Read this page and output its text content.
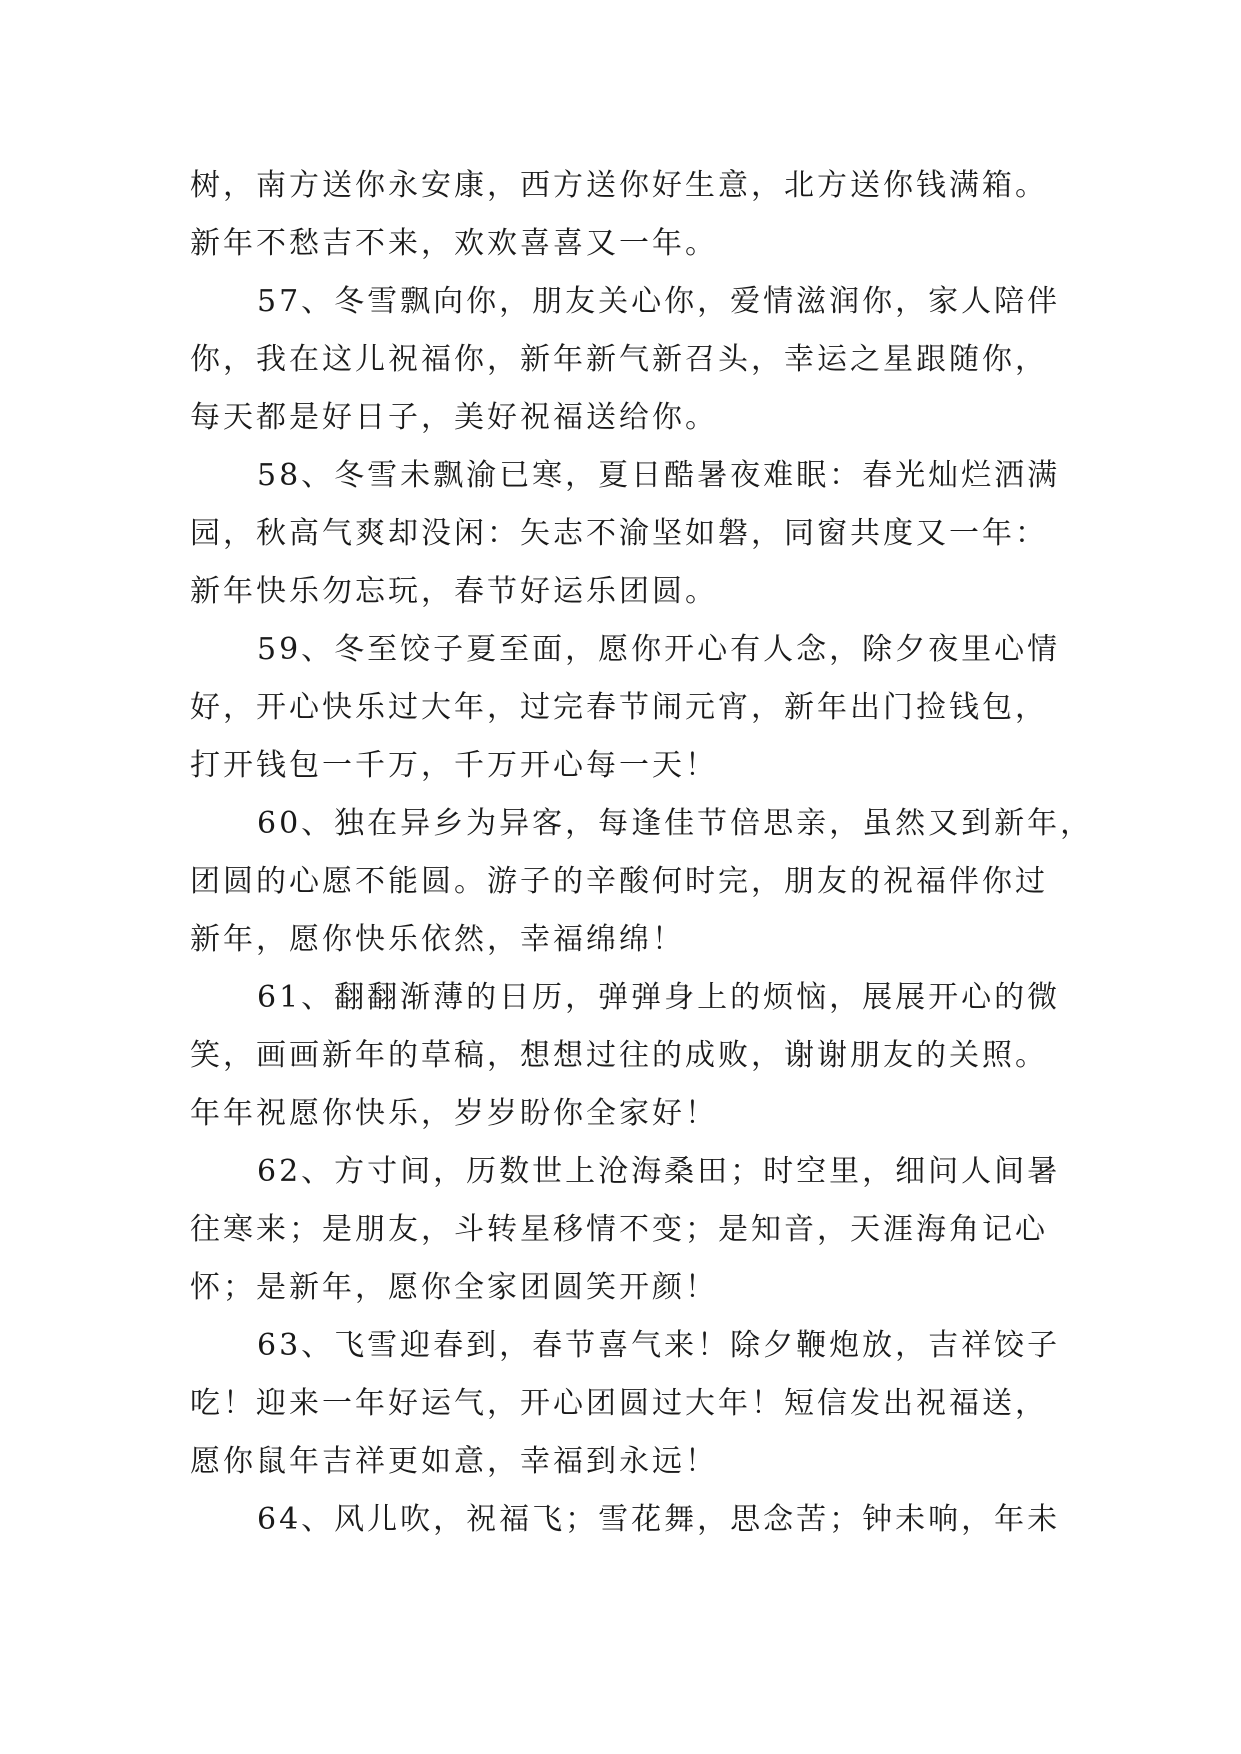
树，南方送你永安康，西方送你好生意，北方送你钱满箱。
新年不愁吉不来，欢欢喜喜又一年。
57、冬雪飘向你，朋友关心你，爱情滋润你，家人陪伴
你，我在这儿祝福你，新年新气新召头，幸运之星跟随你，
每天都是好日子，美好祝福送给你。
58、冬雪未飘渝已寒，夏日酷暑夜难眠：春光灿烂洒满
园，秋高气爽却没闲：矢志不渝坚如磐，同窗共度又一年：
新年快乐勿忘玩，春节好运乐团圆。
59、冬至饺子夏至面，愿你开心有人念，除夕夜里心情
好，开心快乐过大年，过完春节闹元宵，新年出门捡钱包，
打开钱包一千万，千万开心每一天！
60、独在异乡为异客，每逢佳节倍思亲，虽然又到新年，
团圆的心愿不能圆。游子的辛酸何时完，朋友的祝福伴你过
新年，愿你快乐依然，幸福绵绵！
61、翻翻渐薄的日历，弹弹身上的烦恼，展展开心的微
笑，画画新年的草稿，想想过往的成败，谢谢朋友的关照。
年年祝愿你快乐，岁岁盼你全家好！
62、方寸间，历数世上沧海桑田；时空里，细问人间暑
往寒来；是朋友，斗转星移情不变；是知音，天涯海角记心
怀；是新年，愿你全家团圆笑开颜！
63、飞雪迎春到，春节喜气来！除夕鞭炮放，吉祥饺子
吃！迎来一年好运气，开心团圆过大年！短信发出祝福送，
愿你鼠年吉祥更如意，幸福到永远！
64、风儿吹，祝福飞；雪花舞，思念苦；钟未响，年未
